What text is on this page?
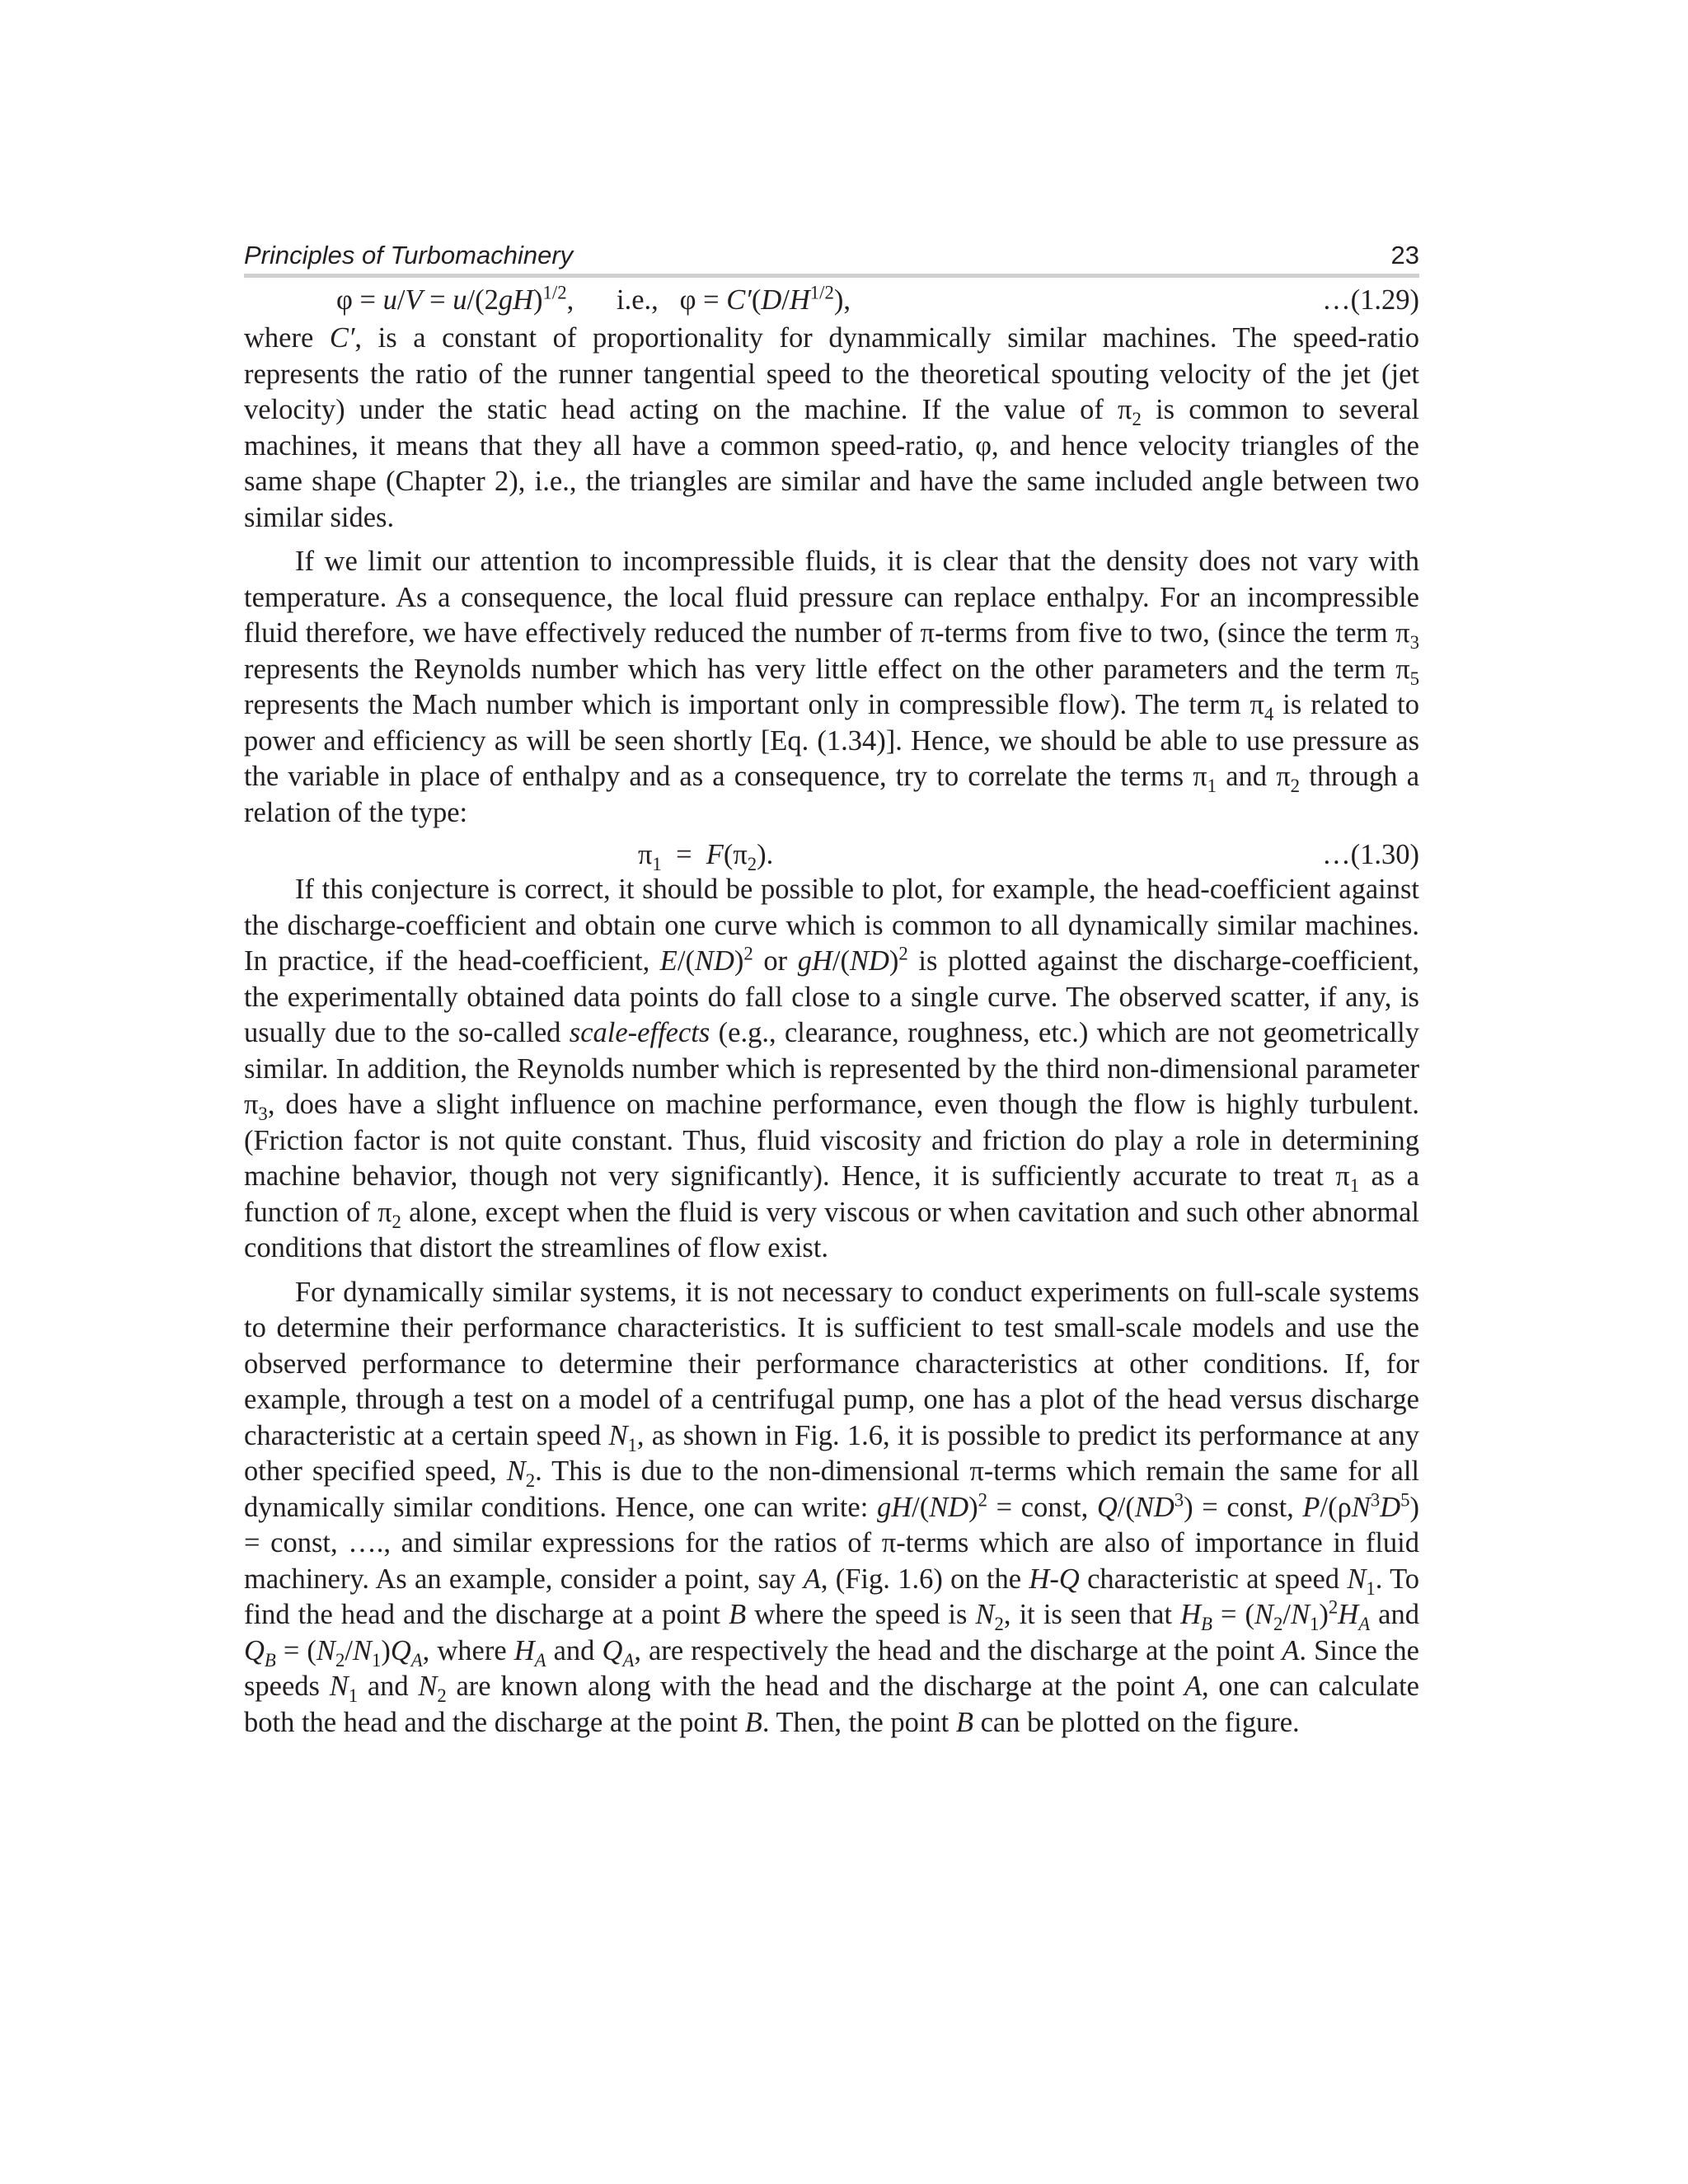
Principles of Turbomachinery	23
$\varphi = u/V = u/(2gH)^{1/2}$,      i.e.,   $\varphi = C'(D/H^{1/2})$,	…(1.29)

where C′, is a constant of proportionality for dynammically similar machines. The speed-ratio represents the ratio of the runner tangential speed to the theoretical spouting velocity of the jet (jet velocity) under the static head acting on the machine. If the value of $\pi_2$ is common to several machines, it means that they all have a common speed-ratio, φ, and hence velocity triangles of the same shape (Chapter 2), i.e., the triangles are similar and have the same included angle between two similar sides.

If we limit our attention to incompressible fluids, it is clear that the density does not vary with temperature. As a consequence, the local fluid pressure can replace enthalpy. For an incompressible fluid therefore, we have effectively reduced the number of π-terms from five to two, (since the term $\pi_3$ represents the Reynolds number which has very little effect on the other parameters and the term $\pi_5$ represents the Mach number which is important only in compressible flow). The term $\pi_4$ is related to power and efficiency as will be seen shortly [Eq. (1.34)]. Hence, we should be able to use pressure as the variable in place of enthalpy and as a consequence, try to correlate the terms $\pi_1$ and $\pi_2$ through a relation of the type:

$\pi_1 = F(\pi_2)$.	…(1.30)

If this conjecture is correct, it should be possible to plot, for example, the head-coefficient against the discharge-coefficient and obtain one curve which is common to all dynamically similar machines. In practice, if the head-coefficient, E/(ND)$^2$ or gH/(ND)$^2$ is plotted against the discharge-coefficient, the experimentally obtained data points do fall close to a single curve. The observed scatter, if any, is usually due to the so-called scale-effects (e.g., clearance, roughness, etc.) which are not geometrically similar. In addition, the Reynolds number which is represented by the third non-dimensional parameter $\pi_3$, does have a slight influence on machine performance, even though the flow is highly turbulent. (Friction factor is not quite constant. Thus, fluid viscosity and friction do play a role in determining machine behavior, though not very significantly). Hence, it is sufficiently accurate to treat $\pi_1$ as a function of $\pi_2$ alone, except when the fluid is very viscous or when cavitation and such other abnormal conditions that distort the streamlines of flow exist.

For dynamically similar systems, it is not necessary to conduct experiments on full-scale systems to determine their performance characteristics. It is sufficient to test small-scale models and use the observed performance to determine their performance characteristics at other conditions. If, for example, through a test on a model of a centrifugal pump, one has a plot of the head versus discharge characteristic at a certain speed $N_1$, as shown in Fig. 1.6, it is possible to predict its performance at any other specified speed, $N_2$. This is due to the non-dimensional π-terms which remain the same for all dynamically similar conditions. Hence, one can write: gH/(ND)$^2$ = const, $Q/(ND^3)$ = const, $P/(\rho N^3D^5)$ = const, …., and similar expressions for the ratios of π-terms which are also of importance in fluid machinery. As an example, consider a point, say A, (Fig. 1.6) on the H-Q characteristic at speed $N_1$. To find the head and the discharge at a point B where the speed is $N_2$, it is seen that $H_B = (N_2/N_1)^2H_A$ and $Q_B = (N_2/N_1)Q_A$, where $H_A$ and $Q_A$, are respectively the head and the discharge at the point A. Since the speeds $N_1$ and $N_2$ are known along with the head and the discharge at the point A, one can calculate both the head and the discharge at the point B. Then, the point B can be plotted on the figure.
